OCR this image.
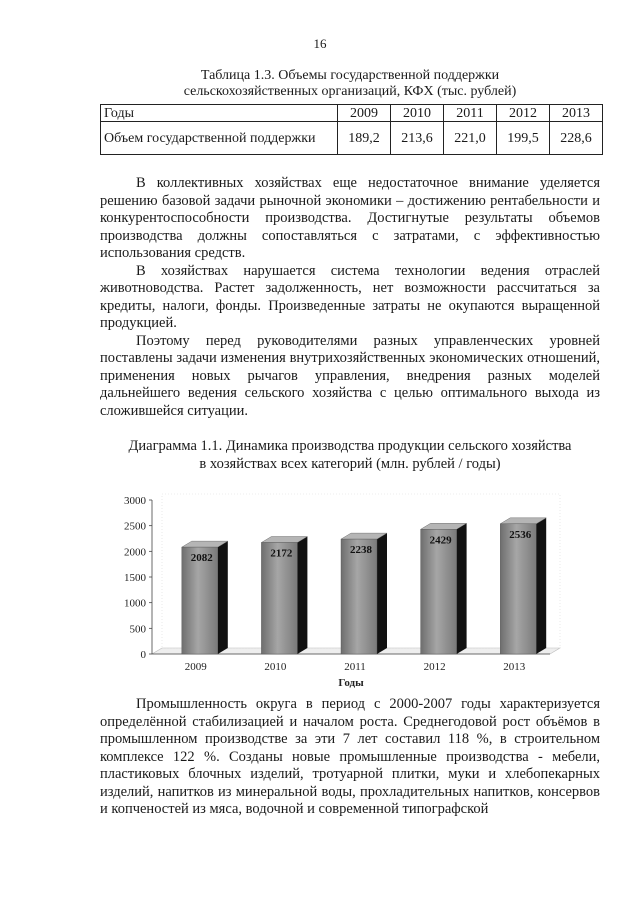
16
Таблица 1.3. Объемы государственной поддержки
сельскохозяйственных организаций, КФХ (тыс. рублей)
Годы	2009	2010	2011	2012	2013
Объем государственной поддержки	189,2	213,6	221,0	199,5	228,6

В коллективных хозяйствах еще недостаточное внимание уделяется решению базовой задачи рыночной экономики – достижению рентабельности и конкурентоспособности производства. Достигнутые результаты объемов производства должны сопоставляться с затратами, с эффективностью использования средств.

В хозяйствах нарушается система технологии ведения отраслей животноводства. Растет задолженность, нет возможности рассчитаться за кредиты, налоги, фонды. Произведенные затраты не окупаются выращенной продукцией.

Поэтому перед руководителями разных управленческих уровней поставлены задачи изменения внутрихозяйственных экономических отношений, применения новых рычагов управления, внедрения разных моделей дальнейшего ведения сельского хозяйства с целью оптимального выхода из сложившейся ситуации.

Диаграмма 1.1. Динамика производства продукции сельского хозяйства
в хозяйствах всех категорий (млн. рублей / годы)
0
500
1000
1500
2000
2500
3000
2082
2009
2172
2010
2238
2011
2429
2012
2536
2013
Годы

Промышленность округа в период с 2000-2007 годы характеризуется определённой стабилизацией и началом роста. Среднегодовой рост объёмов в промышленном производстве за эти 7 лет составил 118 %, в строительном комплексе 122 %. Созданы новые промышленные производства - мебели, пластиковых блочных изделий, тротуарной плитки, муки и хлебопекарных изделий, напитков из минеральной воды, прохладительных напитков, консервов и копченостей из мяса, водочной и современной типографской
